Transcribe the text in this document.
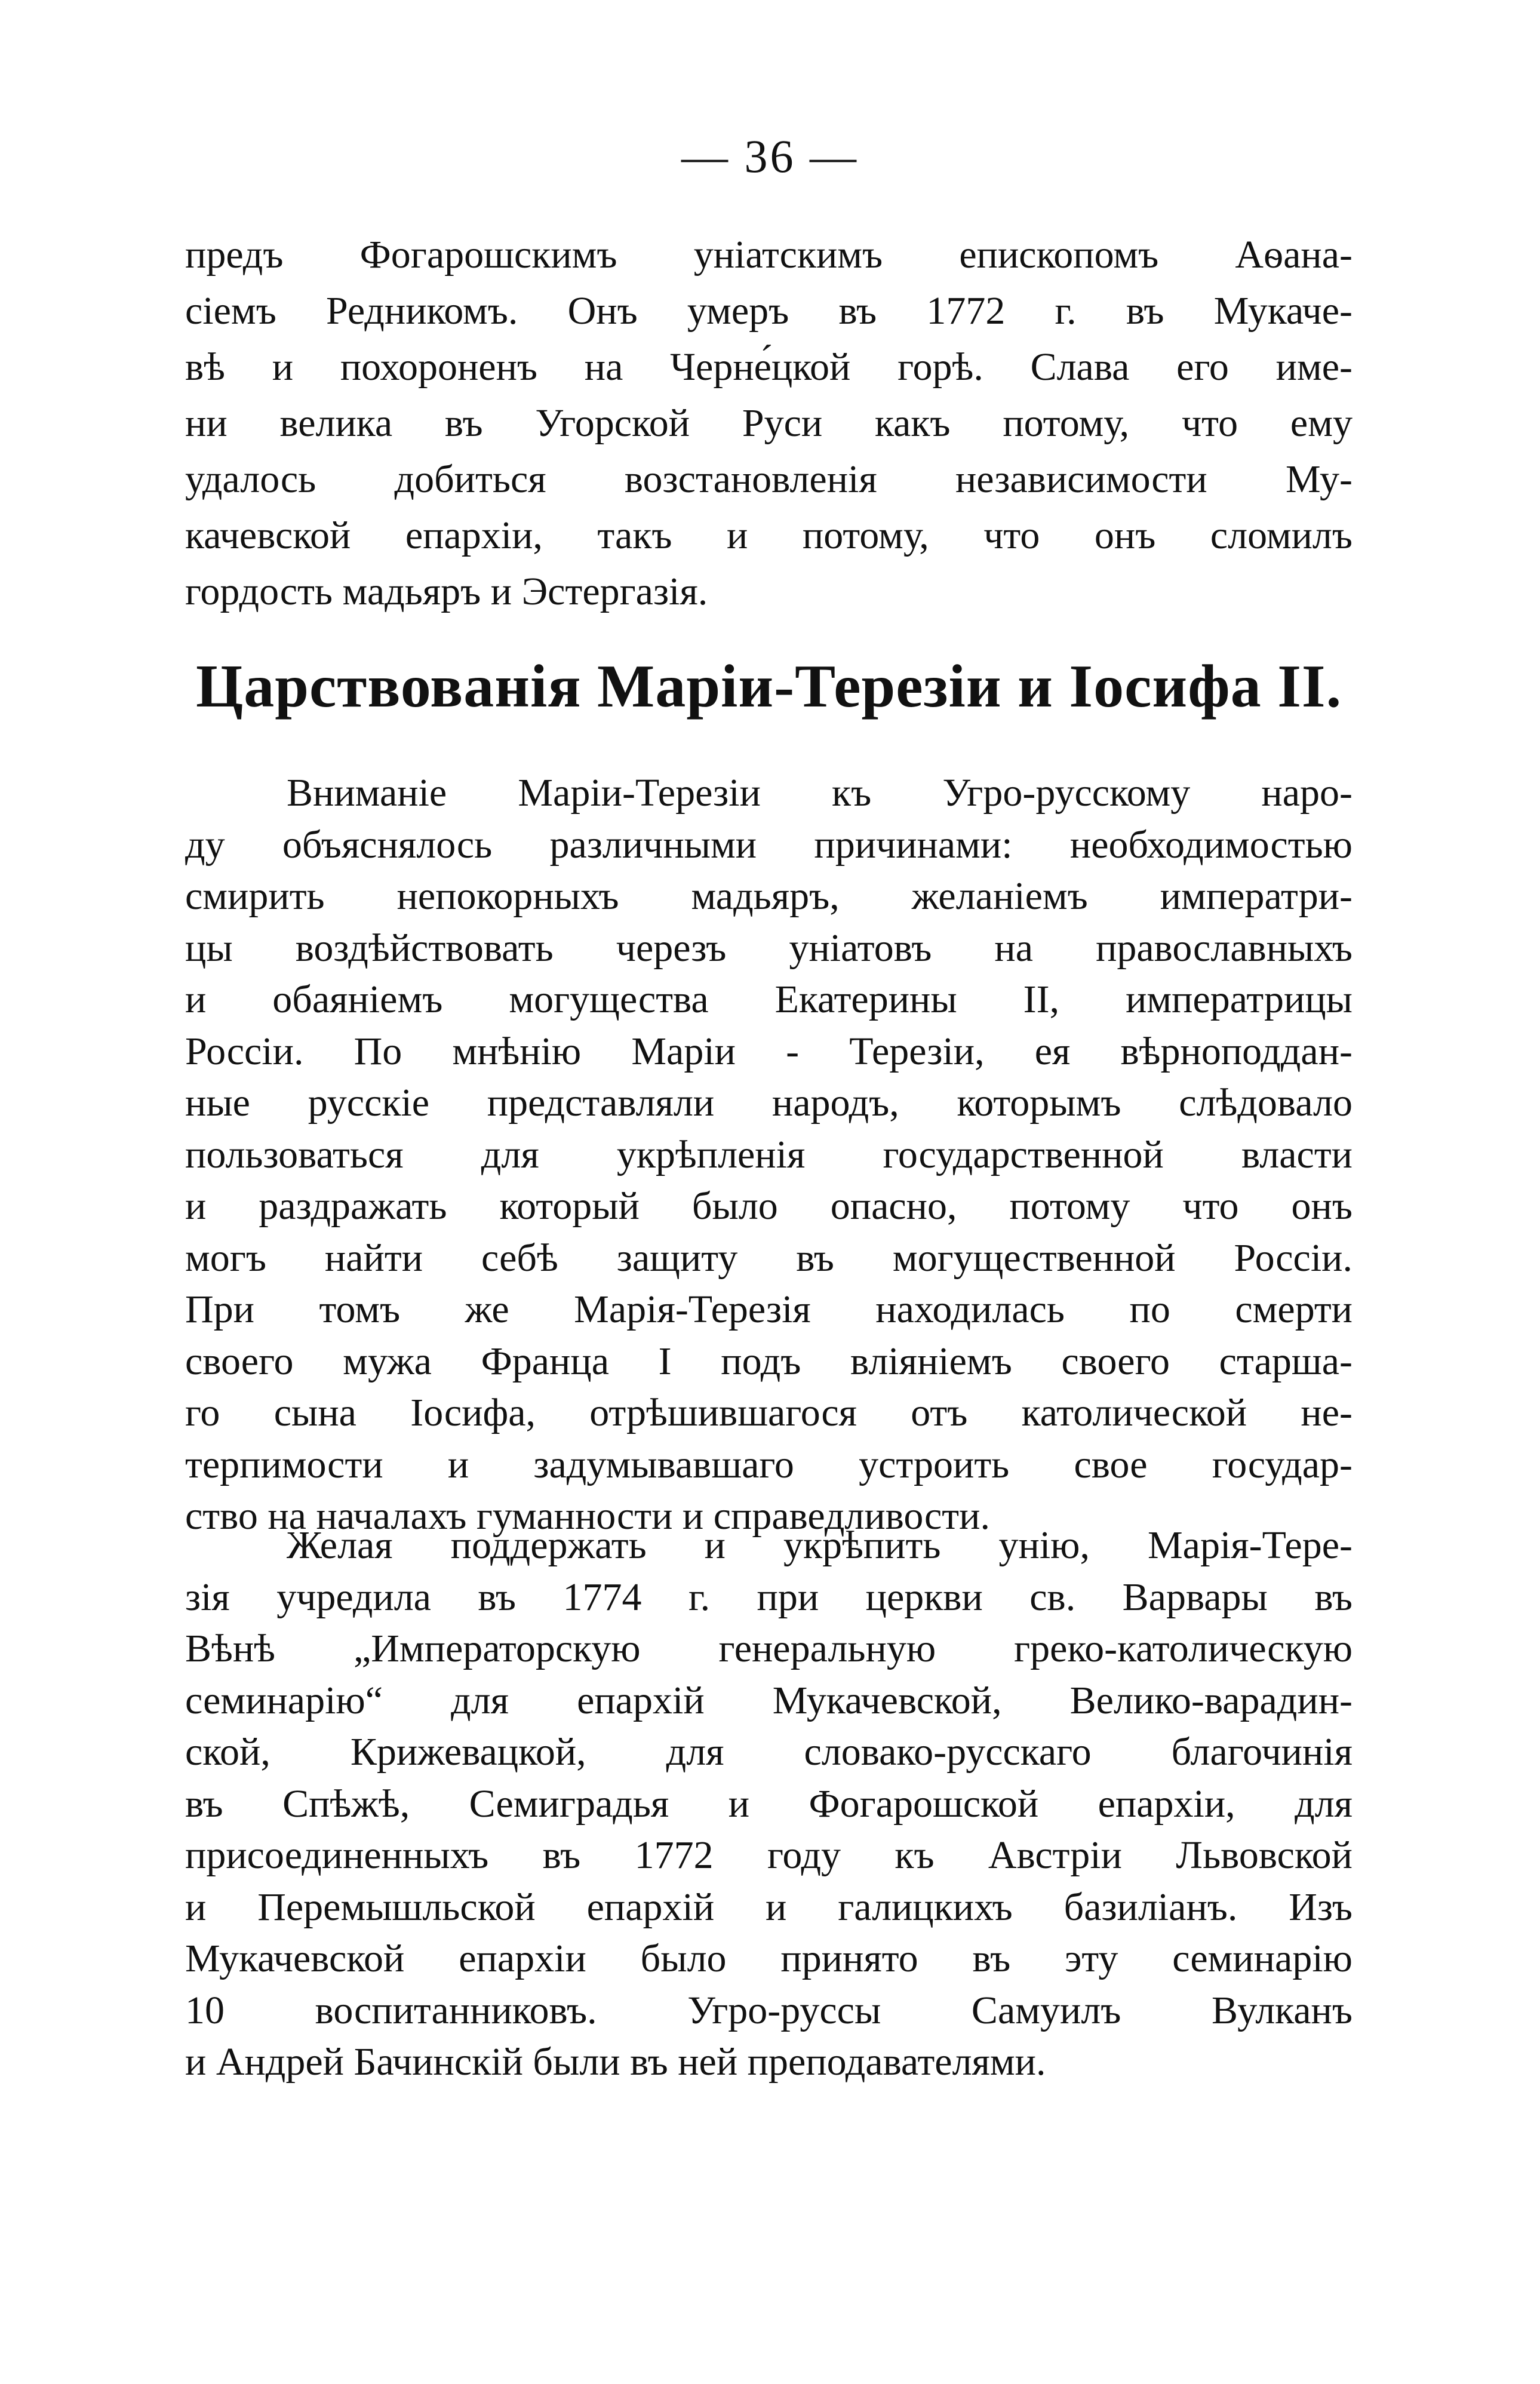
— 36 —
предъ Фогарошскимъ уніатскимъ епископомъ Аѳана-
сіемъ Редникомъ. Онъ умеръ въ 1772 г. въ Мукаче-
вѣ и похороненъ на Черне́цкой горѣ. Слава его име-
ни велика въ Угорской Руси какъ потому, что ему
удалось добиться возстановленія независимости Му-
качевской епархіи, такъ и потому, что онъ сломилъ
гордость мадьяръ и Эстергазія.
Царствованія Маріи-Терезіи и Іосифа II.
Вниманіе Маріи-Терезіи къ Угро-русскому наро-
ду объяснялось различными причинами: необходимостью
смирить непокорныхъ мадьяръ, желаніемъ императри-
цы воздѣйствовать черезъ уніатовъ на православныхъ
и обаяніемъ могущества Екатерины II, императрицы
Россіи. По мнѣнію Маріи - Терезіи, ея вѣрноподдан-
ные русскіе представляли народъ, которымъ слѣдовало
пользоваться для укрѣпленія государственной власти
и раздражать который было опасно, потому что онъ
могъ найти себѣ защиту въ могущественной Россіи.
При томъ же Марія-Терезія находилась по смерти
своего мужа Франца I подъ вліяніемъ своего старша-
го сына Іосифа, отрѣшившагося отъ католической не-
терпимости и задумывавшаго устроить свое государ-
ство на началахъ гуманности и справедливости.
Желая поддержать и укрѣпить унію, Марія-Тере-
зія учредила въ 1774 г. при церкви св. Варвары въ
Вѣнѣ „Императорскую генеральную греко-католическую
семинарію“ для епархій Мукачевской, Велико-варадин-
ской, Крижевацкой, для словако-русскаго благочинія
въ Спѣжѣ, Семиградья и Фогарошской епархіи, для
присоединенныхъ въ 1772 году къ Австріи Львовской
и Перемышльской епархій и галицкихъ базиліанъ. Изъ
Мукачевской епархіи было принято въ эту семинарію
10 воспитанниковъ. Угро-руссы Самуилъ Вулканъ
и Андрей Бачинскій были въ ней преподавателями.
